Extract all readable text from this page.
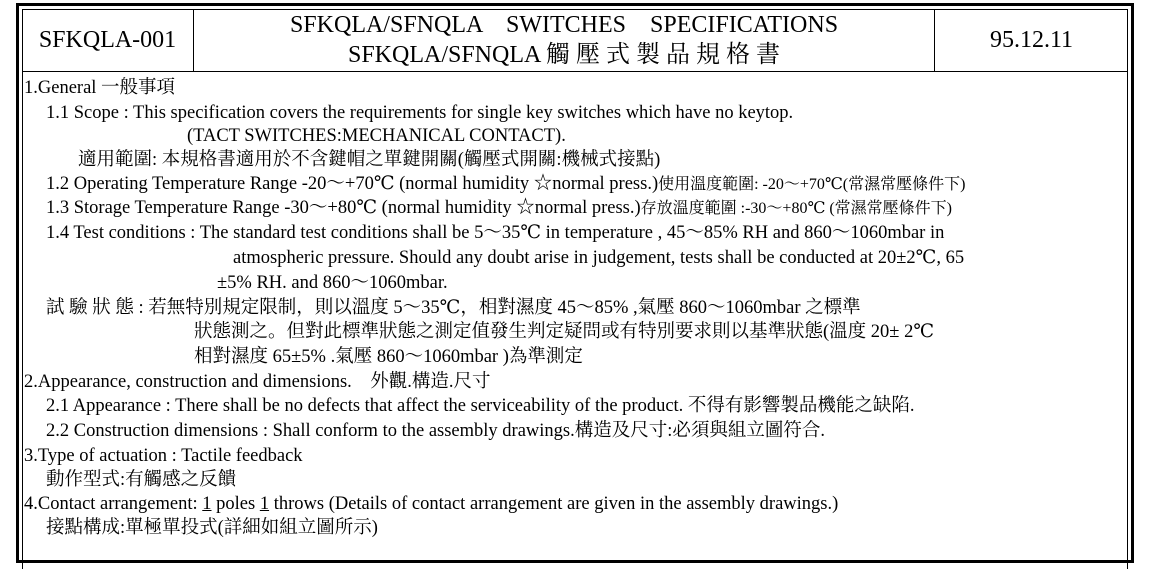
SFKQLA-001
SFKQLA/SFNQLA    SWITCHES    SPECIFICATIONS
SFKQLA/SFNQLA 觸 壓 式 製 品 規 格 書
95.12.11
1.General 一般事項
1.1 Scope : This specification covers the requirements for single key switches which have no keytop.
(TACT SWITCHES:MECHANICAL CONTACT).
適用範圍: 本規格書適用於不含鍵帽之單鍵開關(觸壓式開關:機械式接點)
1.2 Operating Temperature Range -20～+70℃ (normal humidity ☆normal press.)使用溫度範圍: -20～+70℃(常濕常壓條件下)
1.3 Storage Temperature Range -30～+80℃ (normal humidity ☆normal press.)存放溫度範圍 :-30～+80℃ (常濕常壓條件下)
1.4 Test conditions : The standard test conditions shall be 5～35℃ in temperature , 45～85% RH and 860～1060mbar in
atmospheric pressure. Should any doubt arise in judgement, tests shall be conducted at 20±2℃, 65
±5% RH. and 860～1060mbar.
試 驗 狀 態 : 若無特別規定限制，則以溫度 5～35℃，相對濕度 45～85% ,氣壓 860～1060mbar 之標準
狀態測之。但對此標準狀態之測定值發生判定疑問或有特別要求則以基準狀態(溫度 20± 2℃
相對濕度 65±5% .氣壓 860～1060mbar )為準測定
2.Appearance, construction and dimensions.    外觀.構造.尺寸
2.1 Appearance : There shall be no defects that affect the serviceability of the product. 不得有影響製品機能之缺陷.
2.2 Construction dimensions : Shall conform to the assembly drawings.構造及尺寸:必須與組立圖符合.
3.Type of actuation : Tactile feedback
動作型式:有觸感之反饋
4.Contact arrangement: 1 poles 1 throws (Details of contact arrangement are given in the assembly drawings.)
接點構成:單極單投式(詳細如組立圖所示)
